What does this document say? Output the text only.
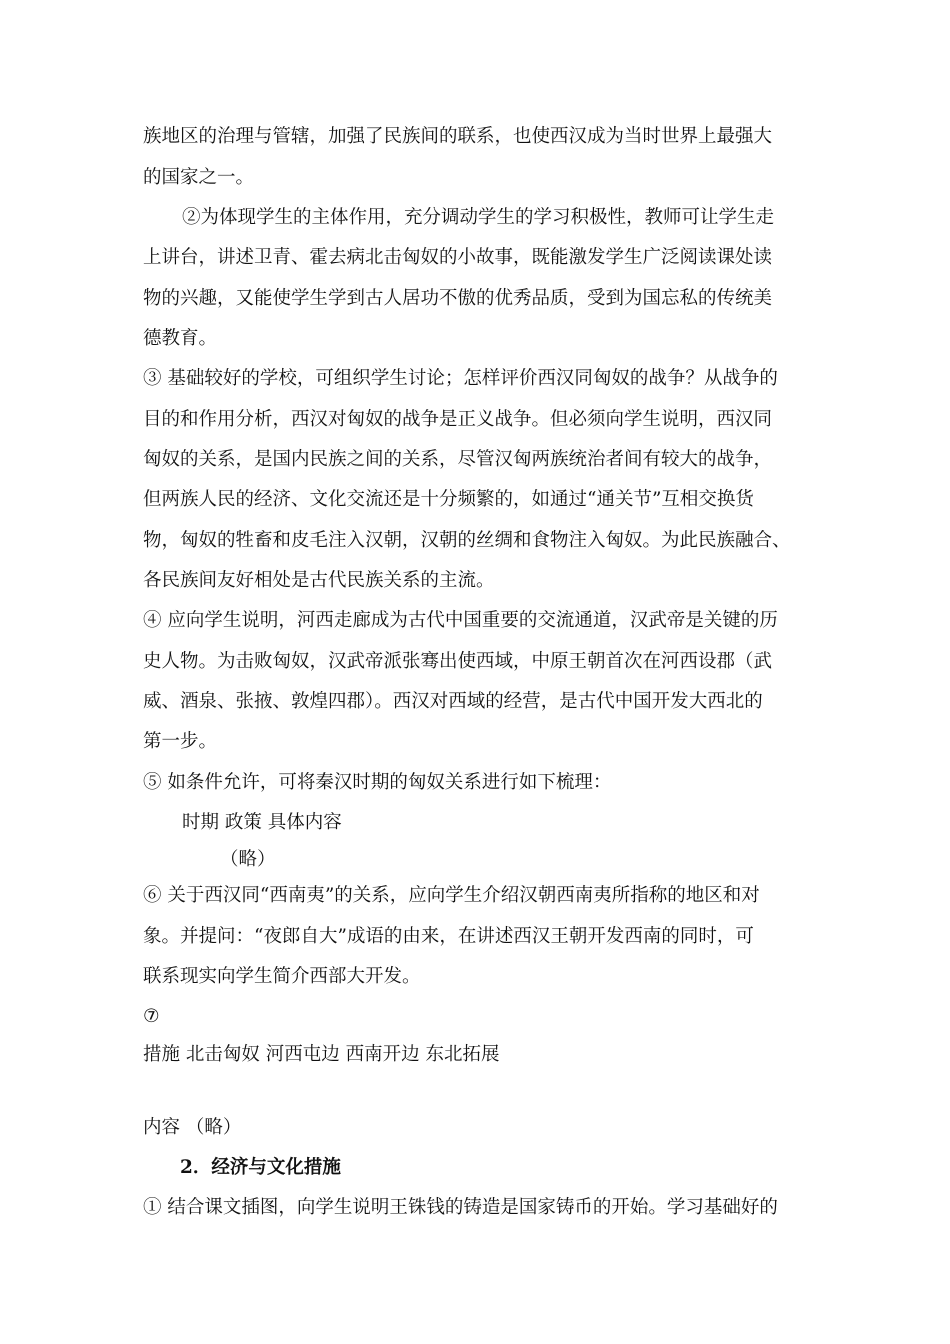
族地区的治理与管辖，加强了民族间的联系，也使西汉成为当时世界上最强大
的国家之一。
②为体现学生的主体作用，充分调动学生的学习积极性，教师可让学生走
上讲台，讲述卫青、霍去病北击匈奴的小故事，既能激发学生广泛阅读课处读
物的兴趣，又能使学生学到古人居功不傲的优秀品质，受到为国忘私的传统美
德教育。
③ 基础较好的学校，可组织学生讨论；怎样评价西汉同匈奴的战争？从战争的
目的和作用分析，西汉对匈奴的战争是正义战争。但必须向学生说明，西汉同
匈奴的关系，是国内民族之间的关系，尽管汉匈两族统治者间有较大的战争，
但两族人民的经济、文化交流还是十分频繁的，如通过“通关节”互相交换货
物，匈奴的牲畜和皮毛注入汉朝，汉朝的丝绸和食物注入匈奴。为此民族融合、
各民族间友好相处是古代民族关系的主流。
④ 应向学生说明，河西走廊成为古代中国重要的交流通道，汉武帝是关键的历
史人物。为击败匈奴，汉武帝派张骞出使西域，中原王朝首次在河西设郡（武
威、酒泉、张掖、敦煌四郡）。西汉对西域的经营，是古代中国开发大西北的
第一步。
⑤ 如条件允许，可将秦汉时期的匈奴关系进行如下梳理：
时期 政策 具体内容
（略）
⑥ 关于西汉同“西南夷”的关系，应向学生介绍汉朝西南夷所指称的地区和对
象。并提问：“夜郎自大”成语的由来，在讲述西汉王朝开发西南的同时，可
联系现实向学生简介西部大开发。
⑦
措施 北击匈奴 河西屯边 西南开边 东北拓展
内容 （略）
2．经济与文化措施
① 结合课文插图，向学生说明王铢钱的铸造是国家铸币的开始。学习基础好的
